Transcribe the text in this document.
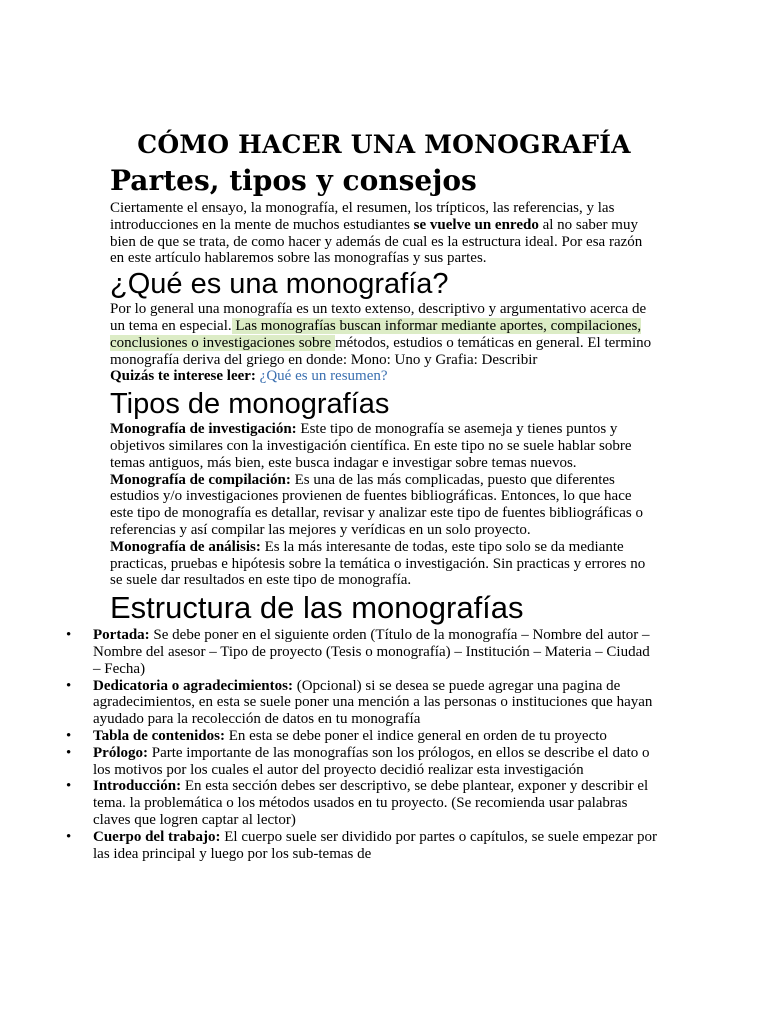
CÓMO HACER UNA MONOGRAFÍA
Partes, tipos y consejos

Ciertamente el ensayo, la monografía, el resumen, los trípticos, las referencias, y las introducciones en la mente de muchos estudiantes se vuelve un enredo al no saber muy bien de que se trata, de como hacer y además de cual es la estructura ideal. Por esa razón en este artículo hablaremos sobre las monografías y sus partes.

¿Qué es una monografía?

Por lo general una monografía es un texto extenso, descriptivo y argumentativo acerca de un tema en especial. Las monografías buscan informar mediante aportes, compilaciones, conclusiones o investigaciones sobre métodos, estudios o temáticas en general. El termino monografía deriva del griego en donde: Mono: Uno y Grafia: Describir

Quizás te interese leer: ¿Qué es un resumen?

Tipos de monografías

Monografía de investigación: Este tipo de monografía se asemeja y tienes puntos y objetivos similares con la investigación científica. En este tipo no se suele hablar sobre temas antiguos, más bien, este busca indagar e investigar sobre temas nuevos.

Monografía de compilación: Es una de las más complicadas, puesto que diferentes estudios y/o investigaciones provienen de fuentes bibliográficas. Entonces, lo que hace este tipo de monografía es detallar, revisar y analizar este tipo de fuentes bibliográficas o referencias y así compilar las mejores y verídicas en un solo proyecto.

Monografía de análisis: Es la más interesante de todas, este tipo solo se da mediante practicas, pruebas e hipótesis sobre la temática o investigación. Sin practicas y errores no se suele dar resultados en este tipo de monografía.

Estructura de las monografías
• Portada: Se debe poner en el siguiente orden (Título de la monografía – Nombre del autor – Nombre del asesor – Tipo de proyecto (Tesis o monografía) – Institución – Materia – Ciudad – Fecha)
• Dedicatoria o agradecimientos: (Opcional) si se desea se puede agregar una pagina de agradecimientos, en esta se suele poner una mención a las personas o instituciones que hayan ayudado para la recolección de datos en tu monografía
• Tabla de contenidos: En esta se debe poner el indice general en orden de tu proyecto
• Prólogo: Parte importante de las monografías son los prólogos, en ellos se describe el dato o los motivos por los cuales el autor del proyecto decidió realizar esta investigación
• Introducción: En esta sección debes ser descriptivo, se debe plantear, exponer y describir el tema. la problemática o los métodos usados en tu proyecto. (Se recomienda usar palabras claves que logren captar al lector)
• Cuerpo del trabajo: El cuerpo suele ser dividido por partes o capítulos, se suele empezar por las idea principal y luego por los sub-temas de
